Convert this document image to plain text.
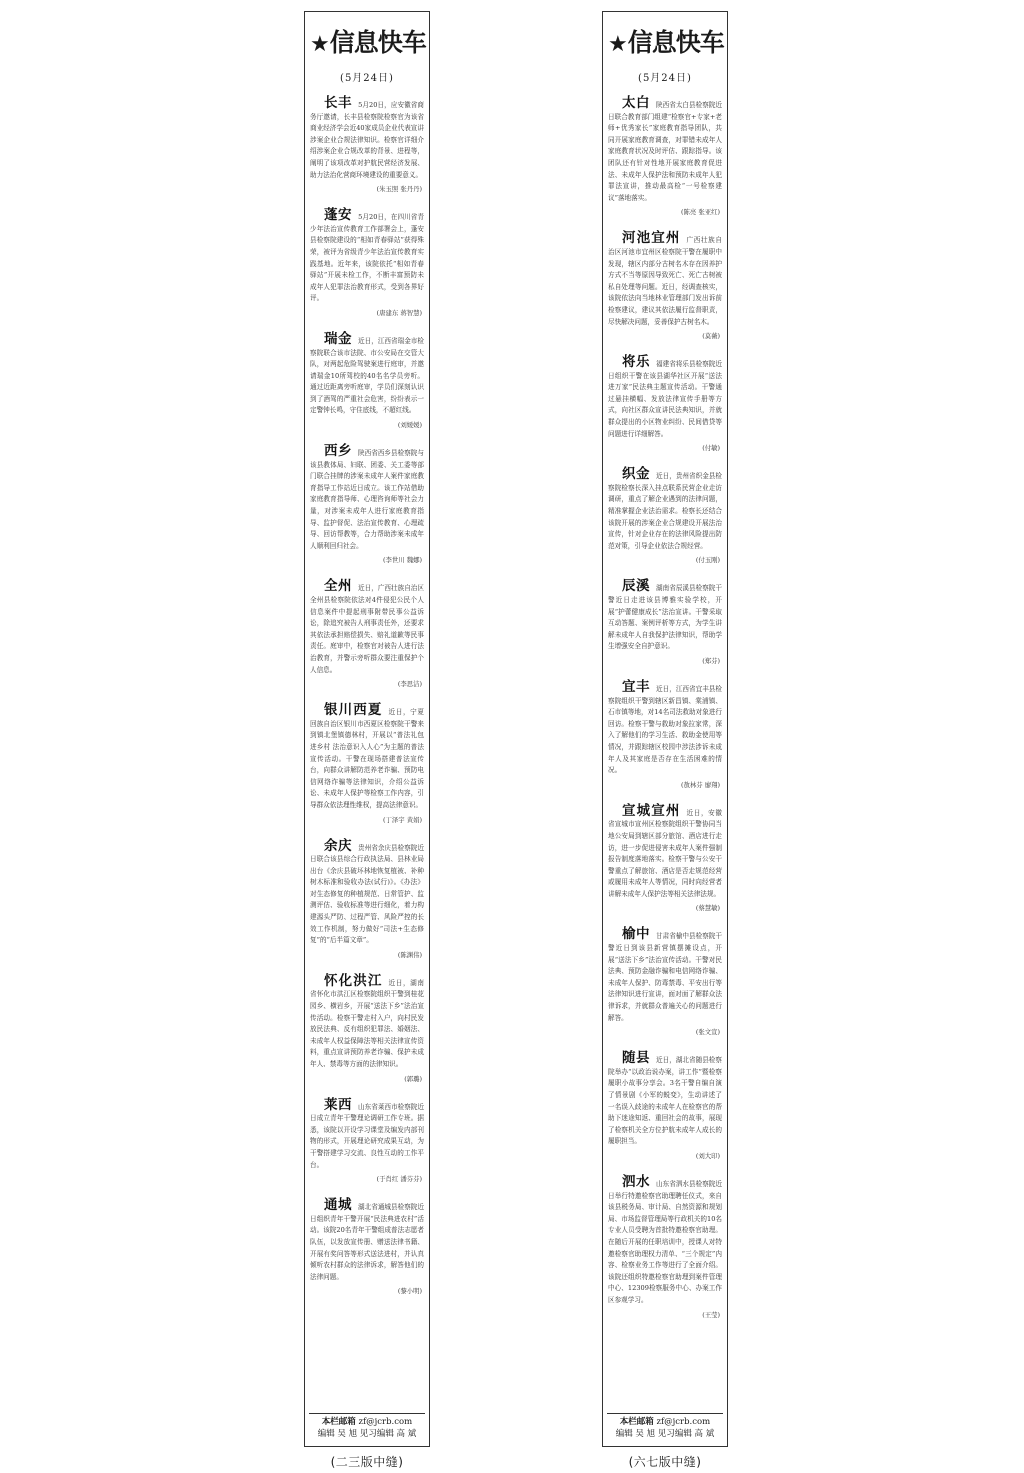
★信息快车
(5月24日)

长丰 5月20日，应安徽省商务厅邀请，长丰县检察院检察官为该省商业经济学会近40家成员企业代表宣讲涉案企业合规法律知识。检察官详细介绍涉案企业合规改革的背景、进程等，阐明了该项改革对护航民营经济发展、助力法治化营商环境建设的重要意义。

(朱玉照 张丹丹)

蓬安 5月20日，在四川省青少年法治宣传教育工作部署会上，蓬安县检察院建设的“相如青春驿站”获得殊荣，被评为省级青少年法治宣传教育实践基地。近年来，该院依托“相如青春驿站”开展未检工作，不断丰富预防未成年人犯罪法治教育形式，受到各界好评。

(唐建东 蒋智慧)

瑞金 近日，江西省瑞金市检察院联合该市法院、市公安局在交管大队，对两起危险驾驶案进行庭审，并邀请瑞金10所驾校的40名名学员旁听。通过近距离旁听庭审，学员们深刻认识到了酒驾的严重社会危害，纷纷表示一定警钟长鸣，守住底线，不超红线。

(刘媛媛)

西乡 陕西省西乡县检察院与该县教体局、妇联、团委、关工委等部门联合挂牌的涉案未成年人案件家庭教育指导工作站近日成立。该工作站借助家庭教育指导师、心理咨询师等社会力量，对涉案未成年人进行家庭教育指导、监护督促、法治宣传教育、心理疏导、回访帮教等，合力帮助涉案未成年人顺利回归社会。

(李世川 魏娜)

全州 近日，广西壮族自治区全州县检察院依法对4件侵犯公民个人信息案件中提起刑事附带民事公益诉讼，除追究被告人刑事责任外，还要求其依法承担赔偿损失、赔礼道歉等民事责任。庭审中，检察官对被告人进行法治教育，并警示旁听群众要注重保护个人信息。

(李思洁)

银川西夏 近日，宁夏回族自治区银川市西夏区检察院干警来到镇北堡镇德林村，开展以“普法礼包进乡村 法治意识入人心”为主题的普法宣传活动。干警在现场搭建普法宣传台，向群众讲解防范养老诈骗、预防电信网络诈骗等法律知识，介绍公益诉讼、未成年人保护等检察工作内容，引导群众依法理性维权，提高法律意识。

(丁泽宇 黄娟)

余庆 贵州省余庆县检察院近日联合该县综合行政执法局、县林业局出台《余庆县破坏林地恢复植被、补种树木标准和验收办法(试行)》。《办法》对生态修复的种植规范、日常管护、监测评估、验收标准等进行细化，着力构建源头严防、过程严管、风险严控的长效工作机制，努力做好“司法+生态修复”的“后半篇文章”。

(陈渊伟)

怀化洪江 近日，湖南省怀化市洪江区检察院组织干警到桂花园乡、横岩乡，开展“送法下乡”法治宣传活动。检察干警走村入户，向村民发放民法典、反有组织犯罪法、婚姻法、未成年人权益保障法等相关法律宣传资料，重点宣讲预防养老诈骗、保护未成年人、禁毒等方面的法律知识。

(郭璐)

莱西 山东省莱西市检察院近日成立青年干警理论调研工作专班。据悉，该院以开设学习课堂及编发内部刊物的形式，开展理论研究成果互动，为干警搭建学习交流、良性互动的工作平台。

(于肖红 潘芬芬)

通城 湖北省通城县检察院近日组织青年干警开展“民法典进农村”活动。该院20名青年干警组成普法志愿者队伍，以发放宣传册、赠送法律书籍、开展有奖问答等形式送法进村，并认真倾听农村群众的法律诉求，解答他们的法律问题。

(黎小明)
本栏邮箱 zf@jcrb.com
编辑 吴 旭 见习编辑 高 斌
★信息快车
(5月24日)

太白 陕西省太白县检察院近日联合教育部门组建“检察官+专家+老师+优秀家长”家庭教育指导团队，共同开展家庭教育调查，对罪错未成年人家庭教育状况及时评估、跟踪指导。该团队还有针对性地开展家庭教育促进法、未成年人保护法和预防未成年人犯罪法宣讲，推动最高检“一号检察建议”落地落实。

(陈亮 张亚红)

河池宜州 广西壮族自治区河池市宜州区检察院干警在履职中发现，辖区内部分古树名木存在因养护方式不当等原因导致死亡、死亡古树被私自处理等问题。近日，经调查核实，该院依法向当地林业管理部门发出诉前检察建议，建议其依法履行监督职责，尽快解决问题，妥善保护古树名木。

(莫薇)

将乐 福建省将乐县检察院近日组织干警在该县湖华社区开展“送法进万家”民法典主题宣传活动。干警通过悬挂横幅、发放法律宣传手册等方式，向社区群众宣讲民法典知识，并就群众提出的小区物业纠纷、民间借贷等问题进行详细解答。

(付敏)

织金 近日，贵州省织金县检察院检察长深入挂点联系民营企业走访调研，重点了解企业遇到的法律问题，精准掌握企业法治需求。检察长还结合该院开展的涉案企业合规建设开展法治宣传，针对企业存在的法律风险提出防范对策，引导企业依法合规经营。

(付玉刚)

辰溪 湖南省辰溪县检察院干警近日走进该县博雅实验学校，开展“护蕾健康成长”法治宣讲。干警采取互动答题、案例评析等方式，为学生讲解未成年人自我保护法律知识，帮助学生增强安全自护意识。

(郑芬)

宜丰 近日，江西省宜丰县检察院组织干警到辖区新昌镇、棠浦镇、石市镇等地，对14名司法救助对象进行回访。检察干警与救助对象拉家常，深入了解他们的学习生活、救助金使用等情况，并跟踪辖区校园中涉法涉诉未成年人及其家庭是否存在生活困难的情况。

(敖林芬 廖翔)

宣城宣州 近日，安徽省宣城市宣州区检察院组织干警协同当地公安局到辖区部分旅馆、酒店进行走访，进一步促进侵害未成年人案件强制报告制度落地落实。检察干警与公安干警重点了解旅馆、酒店是否走规范经营或履用未成年人等情况，同时向经营者讲解未成年人保护法等相关法律法规。

(蔡慧敏)

榆中 甘肃省榆中县检察院干警近日到该县新营镇摆摊设点，开展“送法下乡”法治宣传活动。干警对民法典、预防金融诈骗和电信网络诈骗、未成年人保护、防毒禁毒、平安出行等法律知识进行宣讲，面对面了解群众法律诉求，并就群众普遍关心的问题进行解答。

(张文宣)

随县 近日，湖北省随县检察院举办“以政治说办案，讲工作”暨检察履职小故事分享会。3名干警自编自演了情景剧《小军的蜕变》，生动讲述了一名误入歧途的未成年人在检察官的帮助下迷途知返、重回社会的故事，展现了检察机关全方位护航未成年人成长的履职担当。

(刘大印)

泗水 山东省泗水县检察院近日举行特邀检察官助理聘任仪式，来自该县税务局、审计局、自然资源和规划局、市场监督管理局等行政机关的10名专业人员受聘为首批特邀检察官助理。在随后开展的任职培训中，授课人对特邀检察官助理权力清单、“三个规定”内容、检察业务工作等进行了全面介绍。该院还组织特邀检察官助理到案件管理中心、12309检察服务中心、办案工作区参观学习。

(王莹)
本栏邮箱 zf@jcrb.com
编辑 吴 旭 见习编辑 高 斌
(二三版中缝)	(六七版中缝)
